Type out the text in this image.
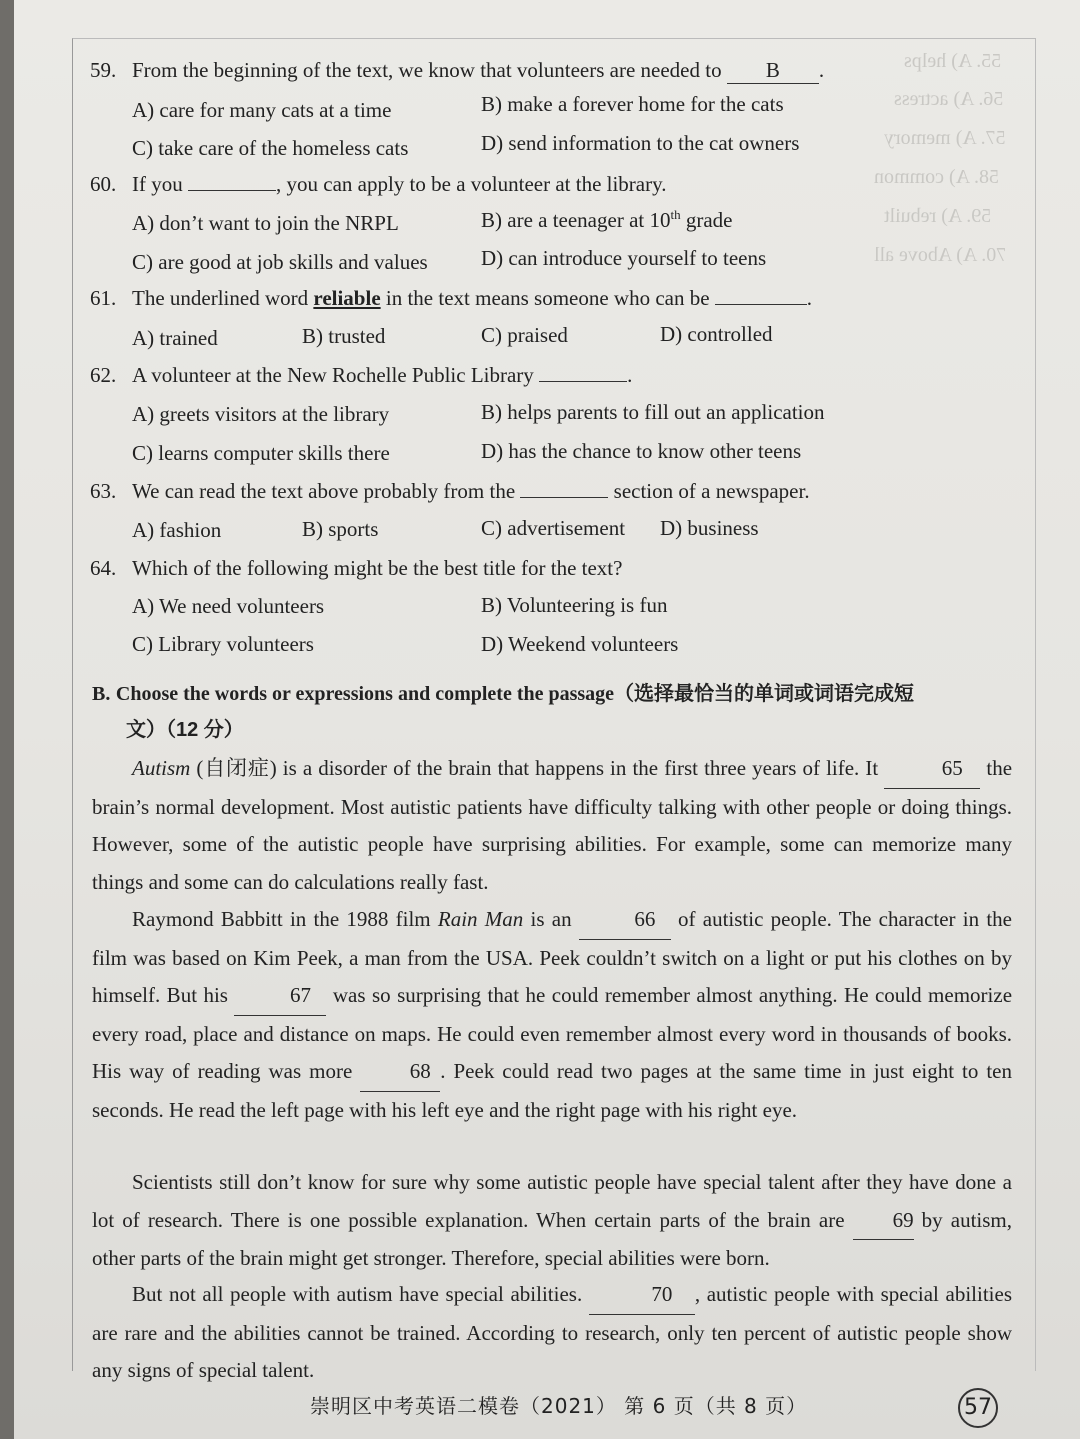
55. A) helps
56. A) actress
57. A) memory
58. A) common
59. A) rebuilt
70. A) Above all
59. From the beginning of the text, we know that volunteers are needed to B .
A) care for many cats at a time	B) make a forever home for the cats
C) take care of the homeless cats	D) send information to the cat owners
60. If you	, you can apply to be a volunteer at the library.
A) don’t want to join the NRPL	B) are a teenager at 10th grade
C) are good at job skills and values	D) can introduce yourself to teens
61. The underlined word reliable in the text means someone who can be	.
A) trained	B) trusted	C) praised	D) controlled
62. A volunteer at the New Rochelle Public Library	.
A) greets visitors at the library	B) helps parents to fill out an application
C) learns computer skills there	D) has the chance to know other teens
63. We can read the text above probably from the	section of a newspaper.
A) fashion	B) sports	C) advertisement D) business
64. Which of the following might be the best title for the text?
A) We need volunteers	B) Volunteering is fun
C) Library volunteers	D) Weekend volunteers
B. Choose the words or expressions and complete the passage（选择最恰当的单词或词语完成短
文）（12 分）
Autism (自闭症) is a disorder of the brain that happens in the first three years of life. It	65 the brain’s normal development. Most autistic patients have difficulty talking with other people or doing things. However, some of the autistic people have surprising abilities. For example, some can memorize many things and some can do calculations really fast.
Raymond Babbitt in the 1988 film Rain Man is an	66 of autistic people. The character in the film was based on Kim Peek, a man from the USA. Peek couldn’t switch on a light or put his clothes on by himself. But his	67 was so surprising that he could remember almost anything. He could memorize every road, place and distance on maps. He could even remember almost every word in thousands of books. His way of reading was more	68 . Peek could read two pages at the same time in just eight to ten seconds. He read the left page with his left eye and the right page with his right eye.
Scientists still don’t know for sure why some autistic people have special talent after they have done a lot of research. There is one possible explanation. When certain parts of the brain are 69 by autism, other parts of the brain might get stronger. Therefore, special abilities were born.
But not all people with autism have special abilities.	70 , autistic people with special abilities are rare and the abilities cannot be trained. According to research, only ten percent of autistic people show any signs of special talent.
崇明区中考英语二模卷（2021） 第 6 页（共 8 页）	57
